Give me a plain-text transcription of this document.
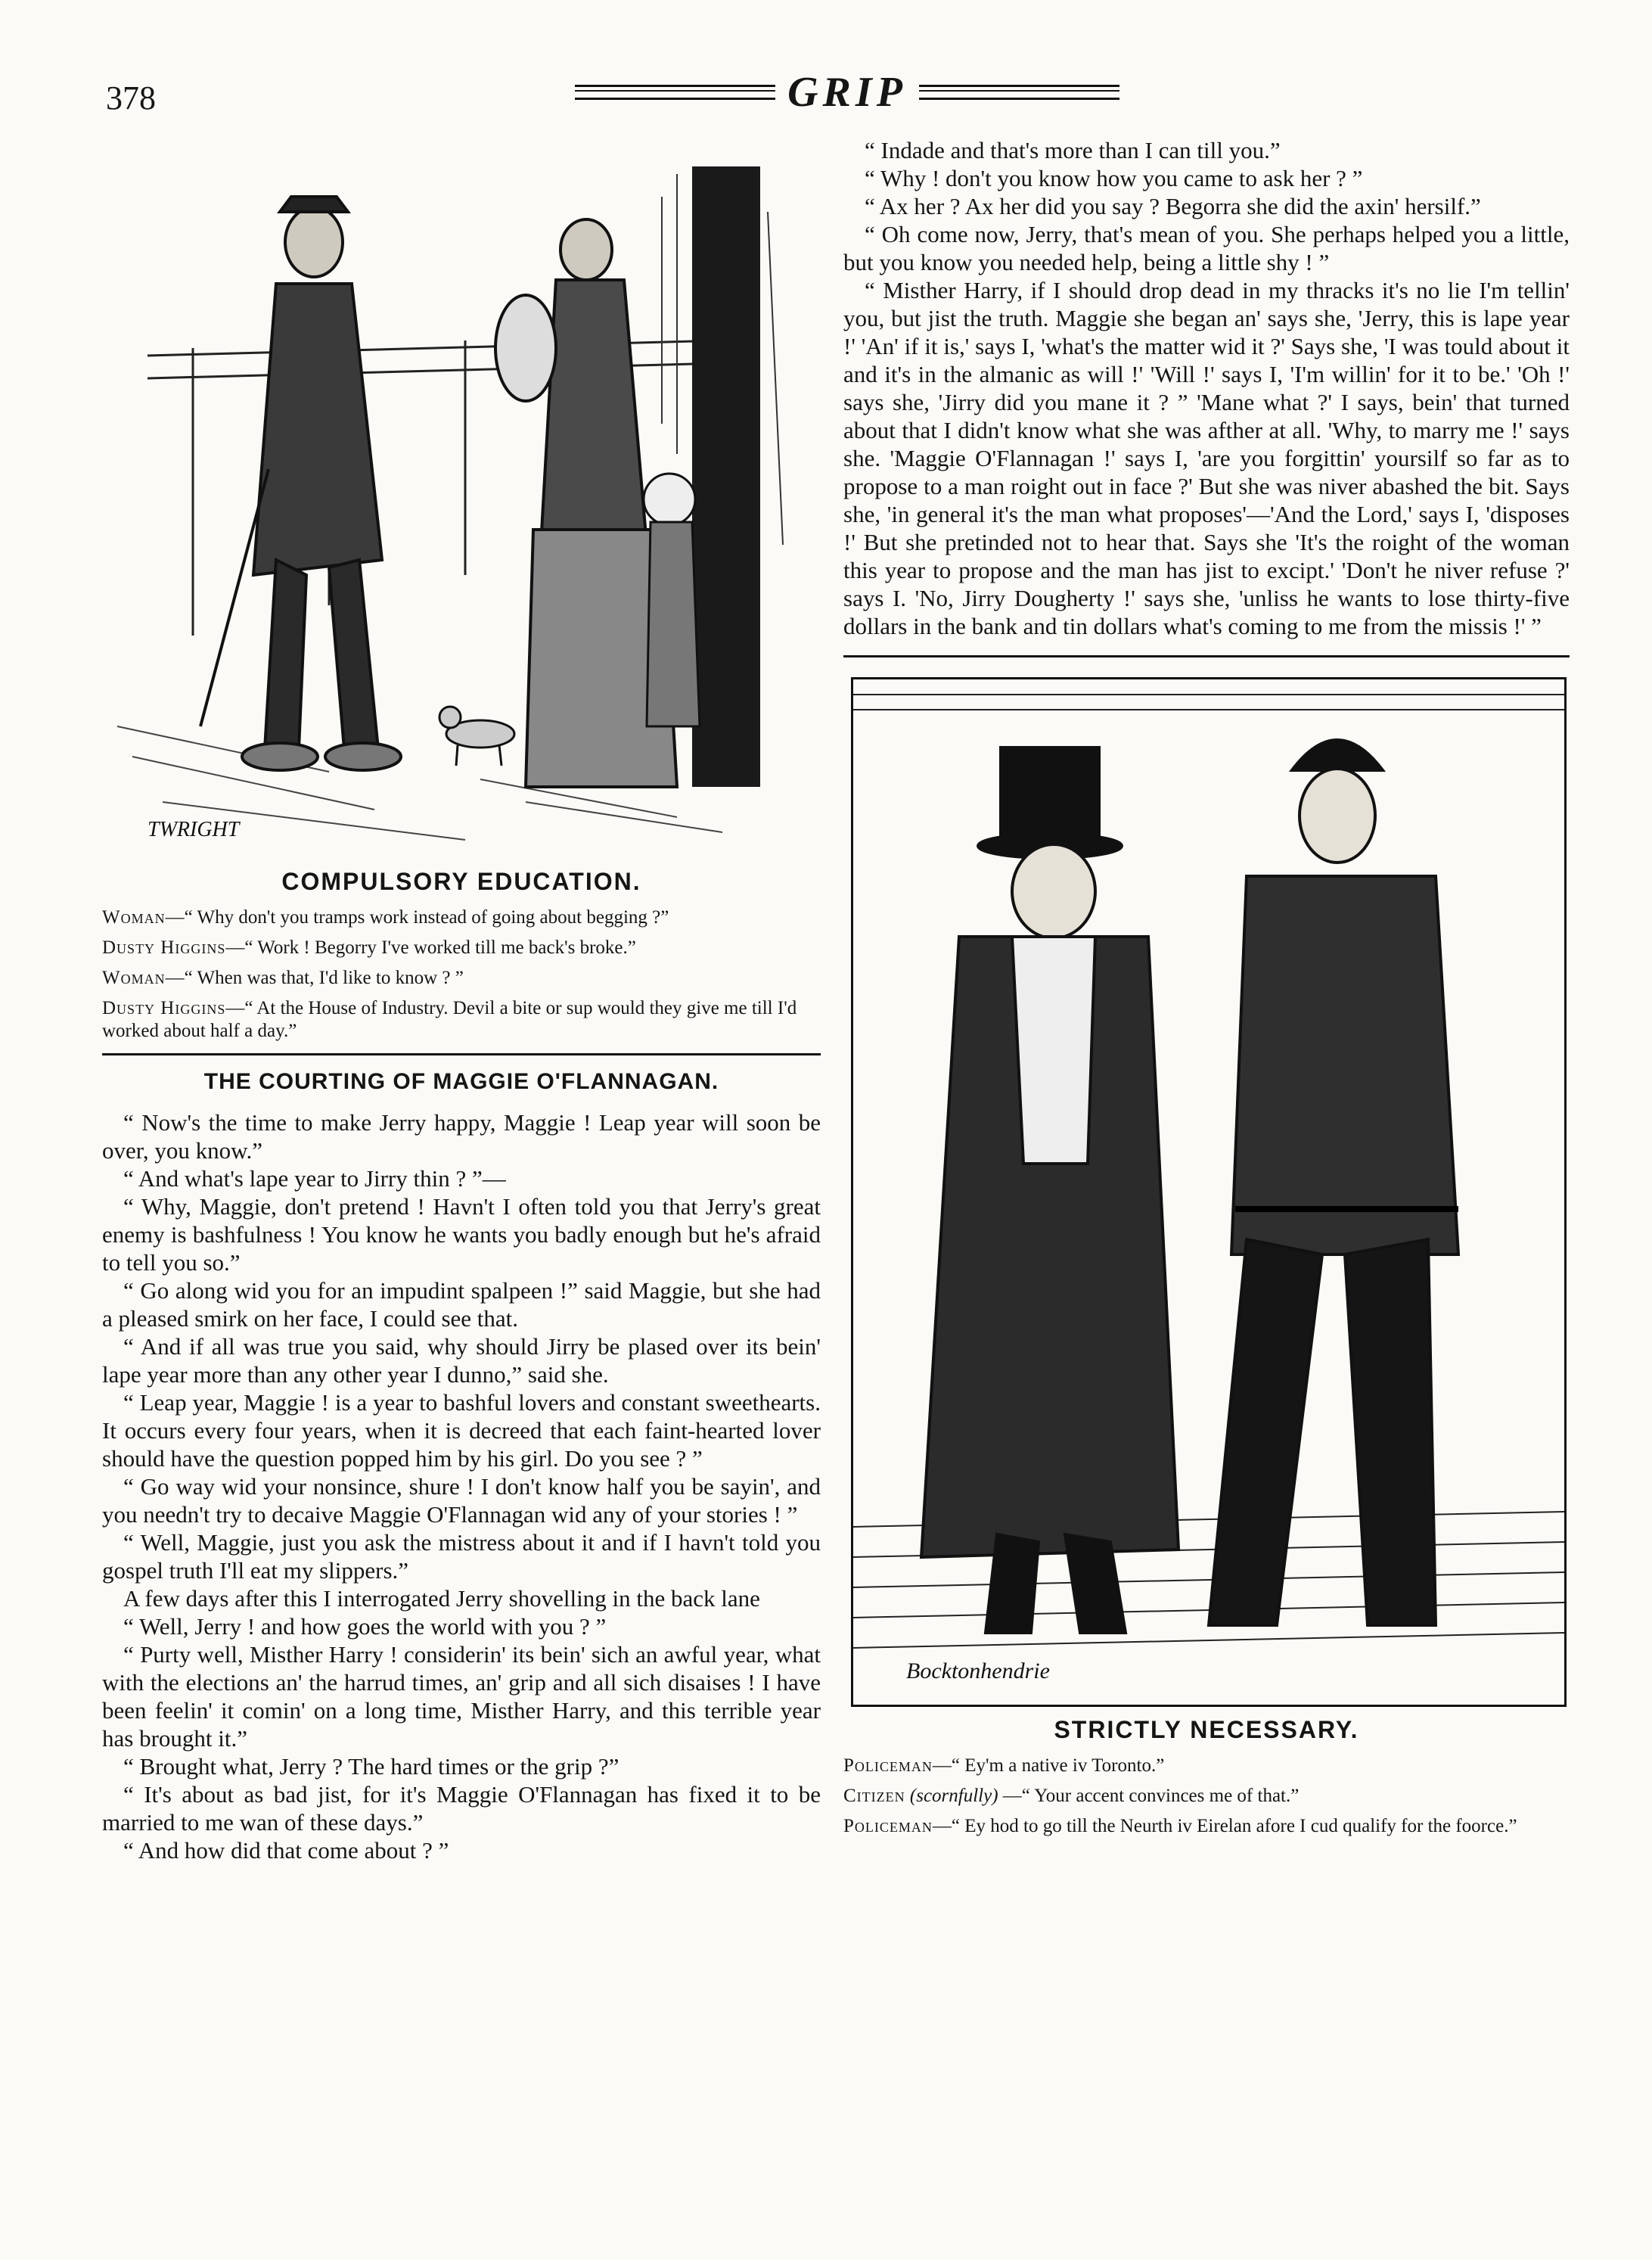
378	GRIP
TWRIGHT
COMPULSORY EDUCATION.

Woman—“ Why don't you tramps work instead of going about begging ?”

Dusty Higgins—“ Work ! Begorry I've worked till me back's broke.”

Woman—“ When was that, I'd like to know ? ”

Dusty Higgins—“ At the House of Industry. Devil a bite or sup would they give me till I'd worked about half a day.”

THE COURTING OF MAGGIE O'FLANNAGAN.

“ Now's the time to make Jerry happy, Maggie ! Leap year will soon be over, you know.”

“ And what's lape year to Jirry thin ? ”—

“ Why, Maggie, don't pretend ! Havn't I often told you that Jerry's great enemy is bashfulness ! You know he wants you badly enough but he's afraid to tell you so.”

“ Go along wid you for an impudint spalpeen !” said Maggie, but she had a pleased smirk on her face, I could see that.

“ And if all was true you said, why should Jirry be plased over its bein' lape year more than any other year I dunno,” said she.

“ Leap year, Maggie ! is a year to bashful lovers and constant sweethearts. It occurs every four years, when it is decreed that each faint-hearted lover should have the question popped him by his girl. Do you see ? ”

“ Go way wid your nonsince, shure ! I don't know half you be sayin', and you needn't try to decaive Maggie O'Flannagan wid any of your stories ! ”

“ Well, Maggie, just you ask the mistress about it and if I havn't told you gospel truth I'll eat my slippers.”

A few days after this I interrogated Jerry shovelling in the back lane

“ Well, Jerry ! and how goes the world with you ? ”

“ Purty well, Misther Harry ! considerin' its bein' sich an awful year, what with the elections an' the harrud times, an' grip and all sich disaises ! I have been feelin' it comin' on a long time, Misther Harry, and this terrible year has brought it.”

“ Brought what, Jerry ? The hard times or the grip ?”

“ It's about as bad jist, for it's Maggie O'Flannagan has fixed it to be married to me wan of these days.”

“ And how did that come about ? ”

“ Indade and that's more than I can till you.”

“ Why ! don't you know how you came to ask her ? ”

“ Ax her ? Ax her did you say ? Begorra she did the axin' hersilf.”

“ Oh come now, Jerry, that's mean of you. She perhaps helped you a little, but you know you needed help, being a little shy ! ”

“ Misther Harry, if I should drop dead in my thracks it's no lie I'm tellin' you, but jist the truth. Maggie she began an' says she, 'Jerry, this is lape year !' 'An' if it is,' says I, 'what's the matter wid it ?' Says she, 'I was tould about it and it's in the almanic as will !' 'Will !' says I, 'I'm willin' for it to be.' 'Oh !' says she, 'Jirry did you mane it ? ” 'Mane what ?' I says, bein' that turned about that I didn't know what she was afther at all. 'Why, to marry me !' says she. 'Maggie O'Flannagan !' says I, 'are you forgittin' yoursilf so far as to propose to a man roight out in face ?' But she was niver abashed the bit. Says she, 'in general it's the man what proposes'—'And the Lord,' says I, 'disposes !' But she pretinded not to hear that. Says she 'It's the roight of the woman this year to propose and the man has jist to excipt.' 'Don't he niver refuse ?' says I. 'No, Jirry Dougherty !' says she, 'unliss he wants to lose thirty-five dollars in the bank and tin dollars what's coming to me from the missis !' ”

Bocktonhendrie
STRICTLY NECESSARY.

Policeman—“ Ey'm a native iv Toronto.”

Citizen (scornfully) —“ Your accent convinces me of that.”

Policeman—“ Ey hod to go till the Neurth iv Eirelan afore I cud qualify for the foorce.”
